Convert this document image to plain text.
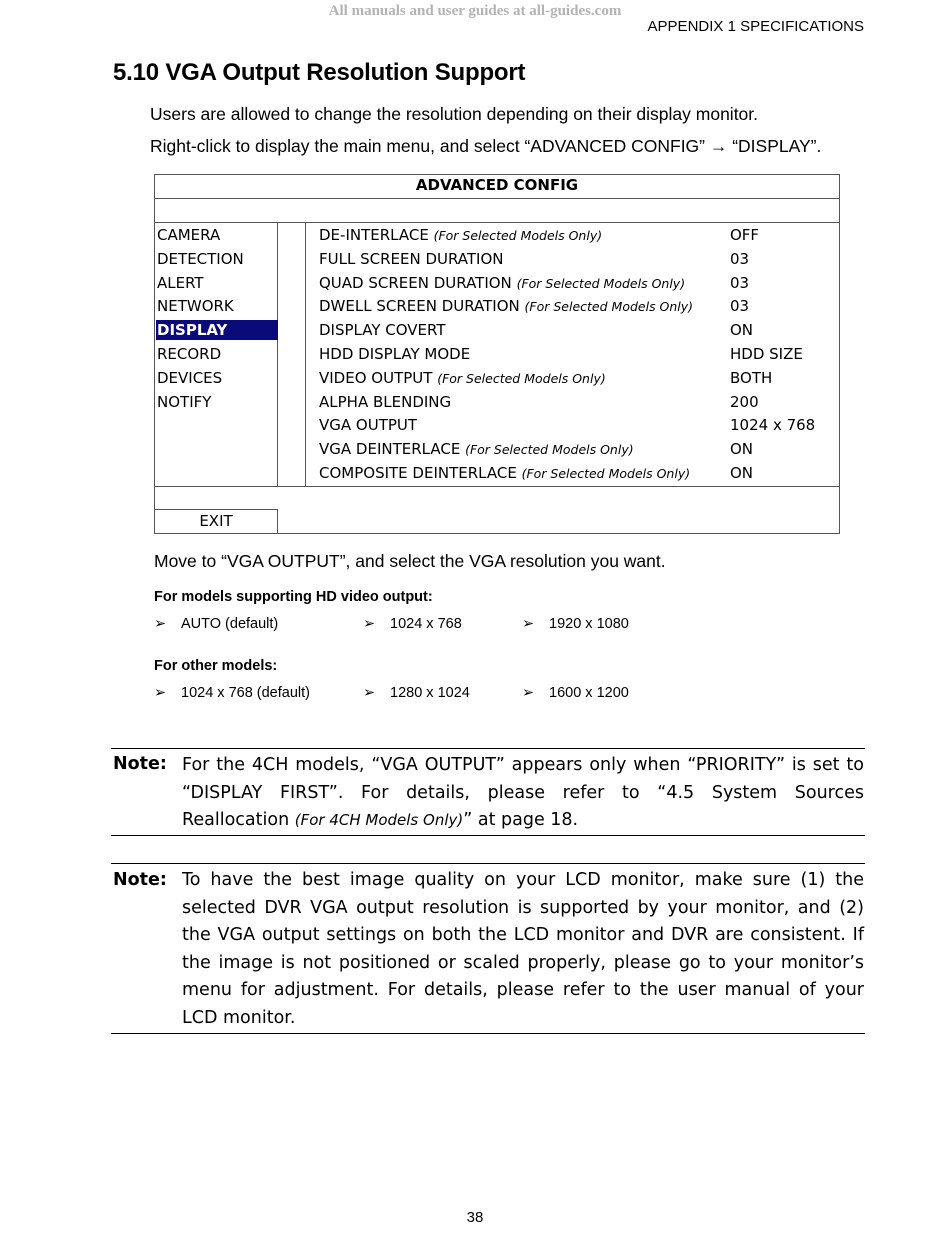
All manuals and user guides at all-guides.com
APPENDIX 1 SPECIFICATIONS
5.10 VGA Output Resolution Support
Users are allowed to change the resolution depending on their display monitor.
Right-click to display the main menu, and select “ADVANCED CONFIG” → “DISPLAY”.
ADVANCED CONFIG
CAMERA
DETECTION
ALERT
NETWORK
DISPLAY
RECORD
DEVICES
NOTIFY
DE-INTERLACE (For Selected Models Only)	OFF
FULL SCREEN DURATION	03
QUAD SCREEN DURATION (For Selected Models Only)	03
DWELL SCREEN DURATION (For Selected Models Only) 03
DISPLAY COVERT	ON
HDD DISPLAY MODE	HDD SIZE
VIDEO OUTPUT (For Selected Models Only)	BOTH
ALPHA BLENDING	200
VGA OUTPUT	1024 x 768
VGA DEINTERLACE (For Selected Models Only)	ON
COMPOSITE DEINTERLACE (For Selected Models Only)	ON
EXIT
Move to “VGA OUTPUT”, and select the VGA resolution you want.
For models supporting HD video output:
➢ AUTO (default)	➢ 1024 x 768	➢ 1920 x 1080
For other models:
➢ 1024 x 768 (default)	➢ 1280 x 1024	➢ 1600 x 1200
Note: For the 4CH models, “VGA OUTPUT” appears only when “PRIORITY” is set to “DISPLAY FIRST”. For details, please refer to “4.5 System Sources Reallocation (For 4CH Models Only)” at page 18.
Note: To have the best image quality on your LCD monitor, make sure (1) the selected DVR VGA output resolution is supported by your monitor, and (2) the VGA output settings on both the LCD monitor and DVR are consistent. If the image is not positioned or scaled properly, please go to your monitor’s menu for adjustment. For details, please refer to the user manual of your LCD monitor.
38
